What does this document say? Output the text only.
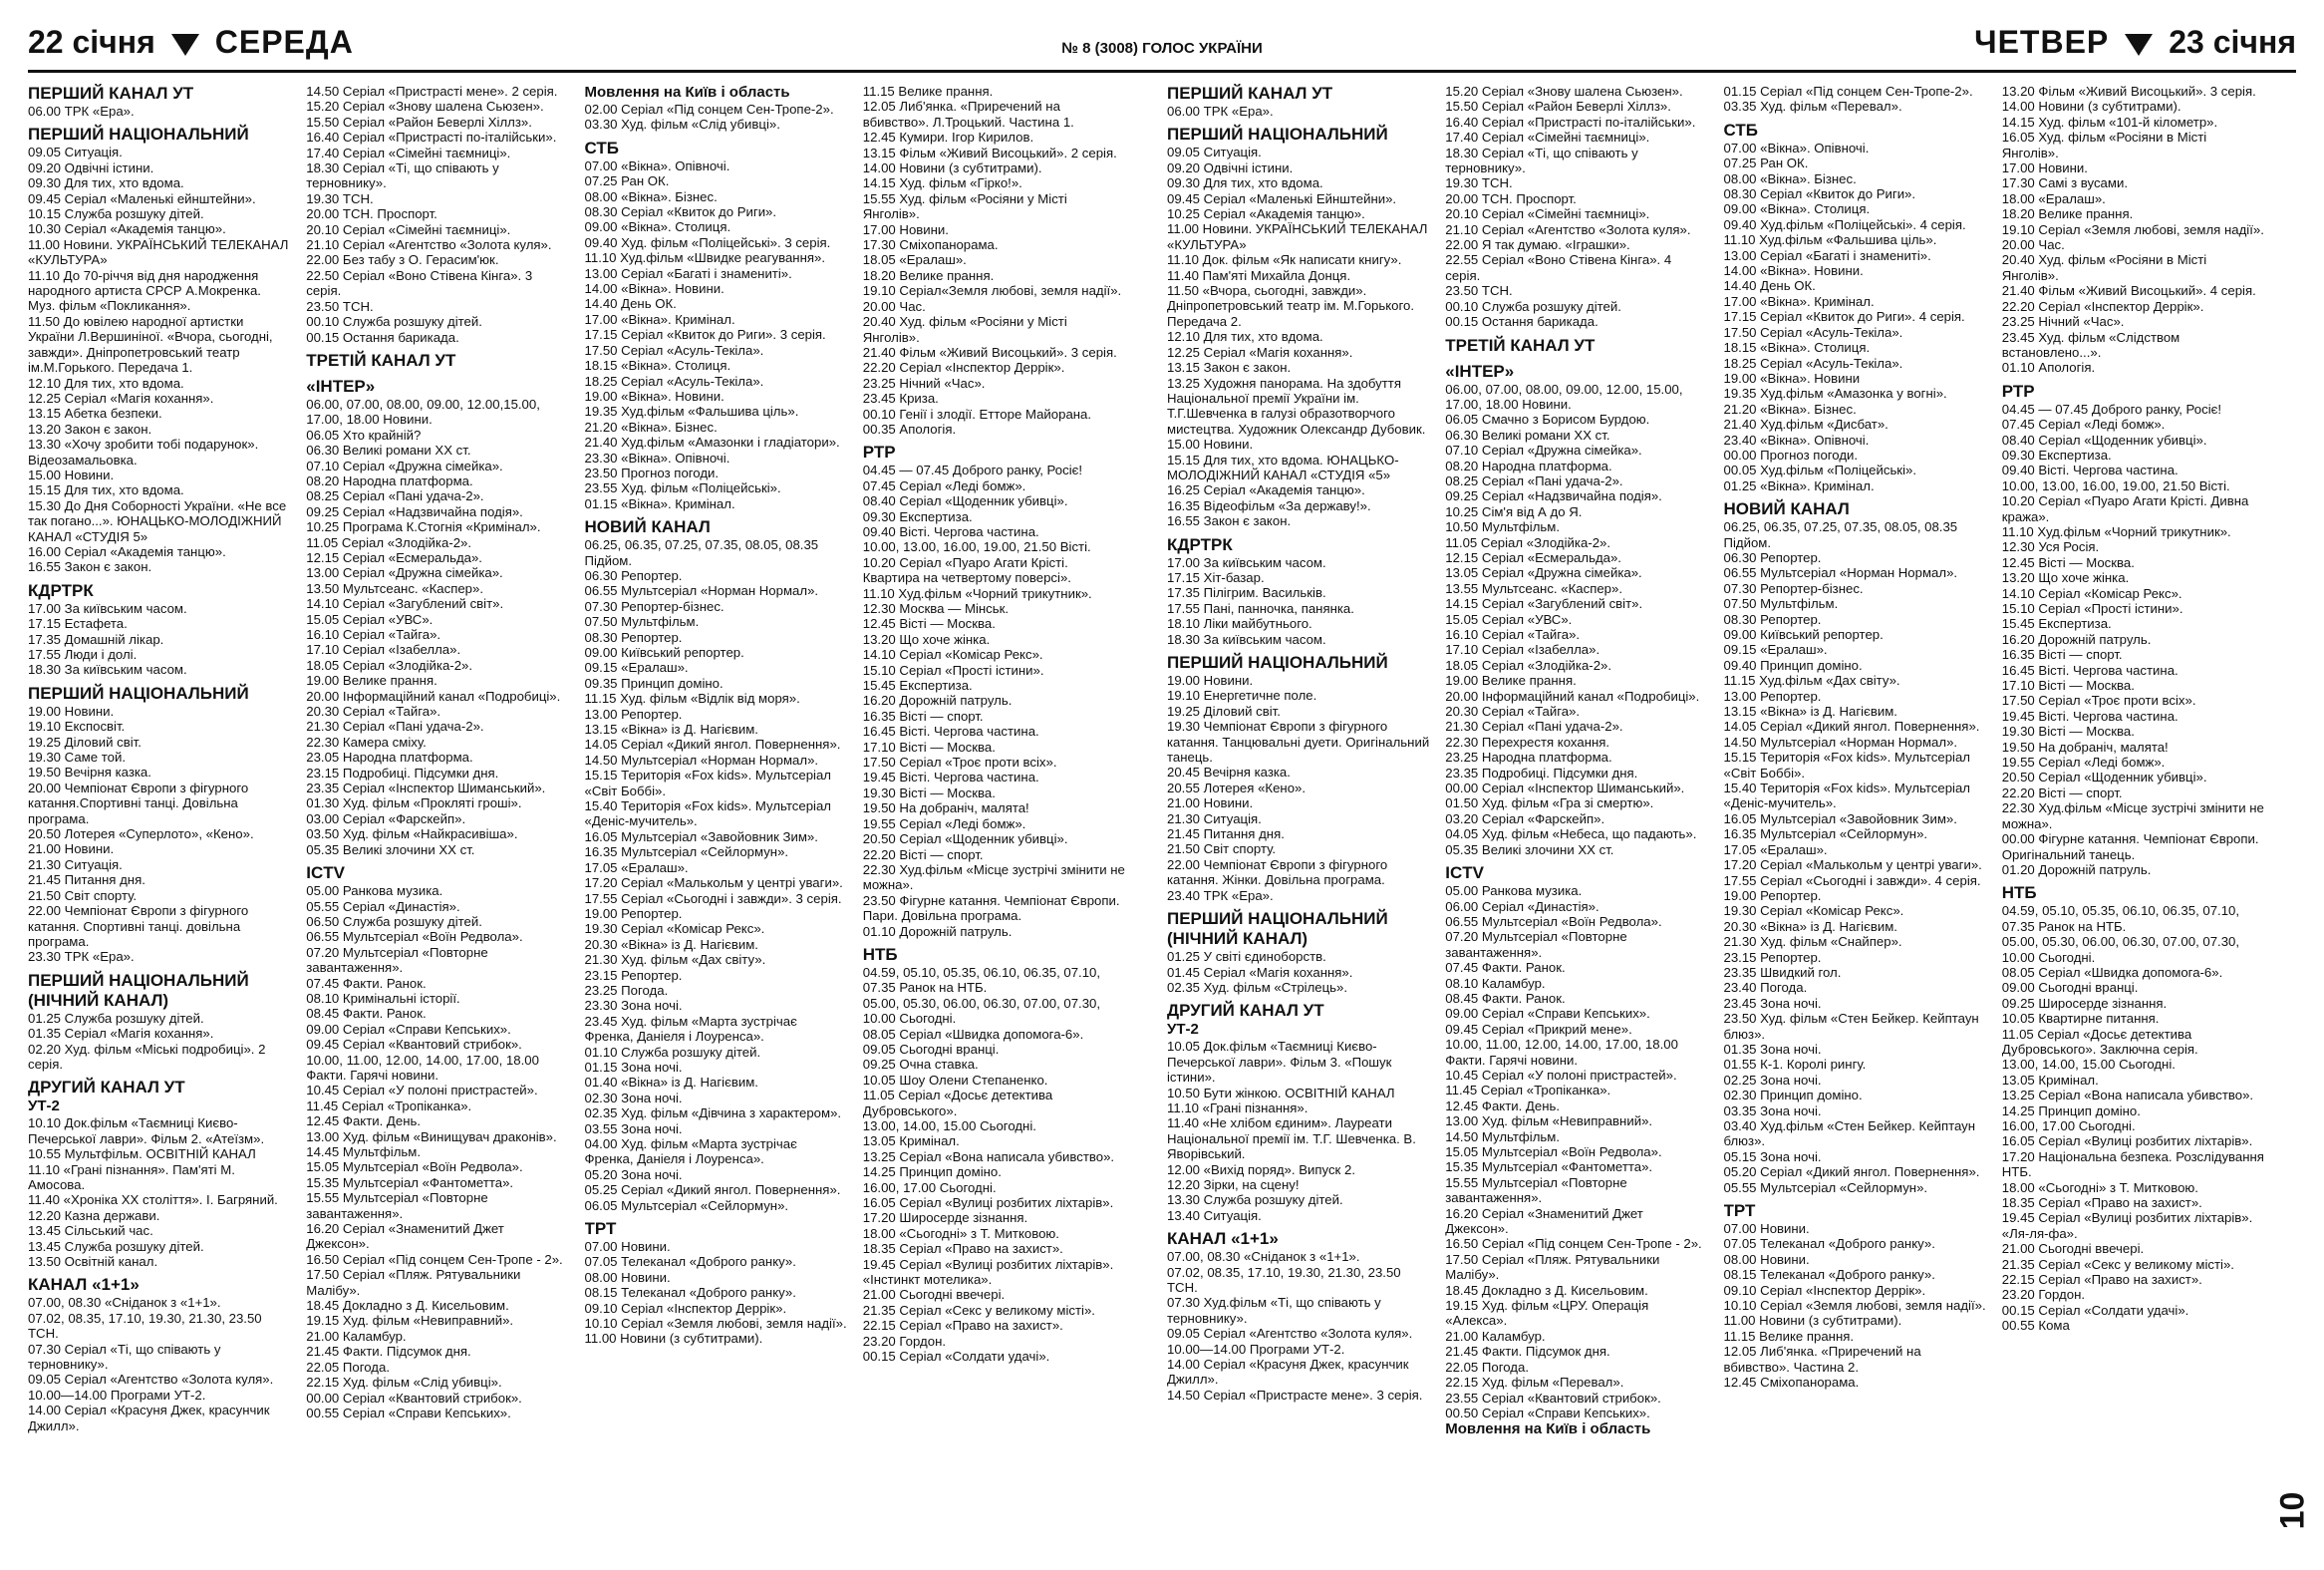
22 січня СЕРЕДА	№ 8 (3008) ГОЛОС УКРАЇНИ	ЧЕТВЕР 23 січня
ПЕРШИЙ КАНАЛ УТ
06.00 ТРК «Ера».
ПЕРШИЙ НАЦІОНАЛЬНИЙ
09.05 Ситуація.
09.20 Одвічні істини.
09.30 Для тих, хто вдома.
09.45 Серіал «Маленькі ейнштейни».
10.15 Служба розшуку дітей.
10.30 Серіал «Академія танцю».
11.00 Новини. УКРАЇНСЬКИЙ ТЕЛЕКАНАЛ «КУЛЬТУРА»
11.10 До 70-річчя від дня народження народного артиста СРСР А.Мокренка. Муз. фільм «Покликання».
11.50 До ювілею народної артистки України Л.Вершиніної. «Вчора, сьогодні, завжди». Дніпропетровський театр ім.М.Горького. Передача 1.
12.10 Для тих, хто вдома.
12.25 Серіал «Магія кохання».
13.15 Абетка безпеки.
13.20 Закон є закон.
13.30 «Хочу зробити тобі подарунок». Відеозамальовка.
15.00 Новини.
15.15 Для тих, хто вдома.
15.30 До Дня Соборності України. «Не все так погано...». ЮНАЦЬКО-МОЛОДІЖНИЙ КАНАЛ «СТУДІЯ 5»
16.00 Серіал «Академія танцю».
16.55 Закон є закон.
КДРТРК
17.00 За київським часом.
17.15 Естафета.
17.35 Домашній лікар.
17.55 Люди і долі.
18.30 За київським часом.
ПЕРШИЙ НАЦІОНАЛЬНИЙ
19.00 Новини.
19.10 Експосвіт.
19.25 Діловий світ.
19.30 Саме той.
19.50 Вечірня казка.
20.00 Чемпіонат Європи з фігурного катання.Спортивні танці. Довільна програма.
20.50 Лотерея «Суперлото», «Кено».
21.00 Новини.
21.30 Ситуація.
21.45 Питання дня.
21.50 Світ спорту.
22.00 Чемпіонат Європи з фігурного катання. Спортивні танці. довільна програма.
23.30 ТРК «Ера».
ПЕРШИЙ НАЦІОНАЛЬНИЙ (НІЧНИЙ КАНАЛ)
01.25 Служба розшуку дітей.
01.35 Серіал «Магія кохання».
02.20 Худ. фільм «Міські подробиці». 2 серія.
ДРУГИЙ КАНАЛ УТ
УТ-2
10.10 Док.фільм «Таємниці Києво-Печерської лаври». Фільм 2. «Атеїзм».
10.55 Мультфільм. ОСВІТНІЙ КАНАЛ
11.10 «Грані пізнання». Пам'яті М. Амосова.
11.40 «Хроніка XX століття». І. Багряний.
12.20 Казна держави.
13.45 Сільський час.
13.45 Служба розшуку дітей.
13.50 Освітній канал.
КАНАЛ «1+1»
07.00, 08.30 «Сніданок з «1+1».
07.02, 08.35, 17.10, 19.30, 21.30, 23.50 ТСН.
07.30 Серіал «Ті, що співають у терновнику».
09.05 Серіал «Агентство «Золота куля».
10.00—14.00 Програми УТ-2.
14.00 Серіал «Красуня Джек, красунчик Джилл».
14.50 Серіал «Пристрасті мене». 2 серія.
15.20 Серіал «Знову шалена Сьюзен».
15.50 Серіал «Район Беверлі Хіллз».
16.40 Серіал «Пристрасті по-італійськи».
17.40 Серіал «Сімейні таємниці».
18.30 Серіал «Ті, що співають у терновнику».
19.30 ТСН.
20.00 ТСН. Проспорт.
20.10 Серіал «Сімейні таємниці».
21.10 Серіал «Агентство «Золота куля».
22.00 Без табу з О. Герасим'юк.
22.50 Серіал «Воно Стівена Кінга». 3 серія.
23.50 ТСН.
00.10 Служба розшуку дітей.
00.15 Остання барикада.
ТРЕТІЙ КАНАЛ УТ
«ІНТЕР»
06.00, 07.00, 08.00, 09.00, 12.00,15.00, 17.00, 18.00 Новини.
06.05 Хто крайній?
06.30 Великі романи XX ст.
07.10 Серіал «Дружна сімейка».
08.20 Народна платформа.
08.25 Серіал «Пані удача-2».
09.25 Серіал «Надзвичайна подія».
10.25 Програма К.Стогнія «Кримінал».
11.05 Серіал «Злодійка-2».
12.15 Серіал «Есмеральда».
13.00 Серіал «Дружна сімейка».
13.50 Мультсеанс. «Каспер».
14.10 Серіал «Загублений світ».
15.05 Серіал «УВС».
16.10 Серіал «Тайга».
17.10 Серіал «Ізабелла».
18.05 Серіал «Злодійка-2».
19.00 Велике прання.
20.00 Інформаційний канал «Подробиці».
20.30 Серіал «Тайга».
21.30 Серіал «Пані удача-2».
22.30 Камера сміху.
23.05 Народна платформа.
23.15 Подробиці. Підсумки дня.
23.35 Серіал «Інспектор Шиманський».
01.30 Худ. фільм «Прокляті гроші».
03.00 Серіал «Фарскейп».
03.50 Худ. фільм «Найкрасивіша».
05.35 Великі злочини XX ст.
ICTV
05.00 Ранкова музика.
05.55 Серіал «Династія».
06.50 Служба розшуку дітей.
06.55 Мультсеріал «Воїн Редвола».
07.20 Мультсеріал «Повторне завантаження».
07.45 Факти. Ранок.
08.10 Кримінальні історії.
08.45 Факти. Ранок.
09.00 Серіал «Справи Кепських».
09.45 Серіал «Квантовий стрибок».
10.00, 11.00, 12.00, 14.00, 17.00, 18.00 Факти. Гарячі новини.
10.45 Серіал «У полоні пристрастей».
11.45 Серіал «Тропіканка».
12.45 Факти. День.
13.00 Худ. фільм «Винищувач драконів».
14.45 Мультфільм.
15.05 Мультсеріал «Воїн Редвола».
15.35 Мультсеріал «Фантометта».
15.55 Мультсеріал «Повторне завантаження».
16.20 Серіал «Знаменитий Джет Джексон».
16.50 Серіал «Під сонцем Сен-Тропе - 2».
17.50 Серіал «Пляж. Рятувальники Малібу».
18.45 Докладно з Д. Кисельовим.
19.15 Худ. фільм «Невиправний».
21.00 Каламбур.
21.45 Факти. Підсумок дня.
22.05 Погода.
22.15 Худ. фільм «Слід убивці».
00.00 Серіал «Квантовий стрибок».
00.55 Серіал «Справи Кепських».
Мовлення на Київ і область
02.00 Серіал «Під сонцем Сен-Тропе-2».
03.30 Худ. фільм «Слід убивці».
СТБ
07.00 «Вікна». Опівночі.
07.25 Ран ОК.
08.00 «Вікна». Бізнес.
08.30 Серіал «Квиток до Риги».
09.00 «Вікна». Столиця.
09.40 Худ. фільм «Поліцейські». 3 серія.
11.10 Худ.фільм «Швидке реагування».
13.00 Серіал «Багаті і знамениті».
14.00 «Вікна». Новини.
14.40 День ОК.
17.00 «Вікна». Кримінал.
17.15 Серіал «Квиток до Риги». 3 серія.
17.50 Серіал «Асуль-Текіла».
18.15 «Вікна». Столиця.
18.25 Серіал «Асуль-Текіла».
19.00 «Вікна». Новини.
19.35 Худ.фільм «Фальшива ціль».
21.20 «Вікна». Бізнес.
21.40 Худ.фільм «Амазонки і гладіатори».
23.30 «Вікна». Опівночі.
23.50 Прогноз погоди.
23.55 Худ. фільм «Поліцейські».
01.15 «Вікна». Кримінал.
НОВИЙ КАНАЛ
06.25, 06.35, 07.25, 07.35, 08.05, 08.35 Підйом.
06.30 Репортер.
06.55 Мультсеріал «Норман Нормал».
07.30 Репортер-бізнес.
07.50 Мультфільм.
08.30 Репортер.
09.00 Київський репортер.
09.15 «Ералаш».
09.35 Принцип доміно.
11.15 Худ. фільм «Відлік від моря».
13.00 Репортер.
13.15 «Вікна» із Д. Нагієвим.
14.05 Серіал «Дикий янгол. Повернення».
14.50 Мультсеріал «Норман Нормал».
15.15 Територія «Fox kids». Мультсеріал «Світ Боббі».
15.40 Територія «Fox kids». Мультсеріал «Деніс-мучитель».
16.05 Мультсеріал «Завойовник Зим».
16.35 Мультсеріал «Сейлормун».
17.05 «Ералаш».
17.20 Серіал «Малькольм у центрі уваги».
17.55 Серіал «Сьогодні і завжди». 3 серія.
19.00 Репортер.
19.30 Серіал «Комісар Рекс».
20.30 «Вікна» із Д. Нагієвим.
21.30 Худ. фільм «Дах світу».
23.15 Репортер.
23.25 Погода.
23.30 Зона ночі.
23.45 Худ. фільм «Марта зустрічає Френка, Даніеля і Лоуренса».
01.10 Служба розшуку дітей.
01.15 Зона ночі.
01.40 «Вікна» із Д. Нагієвим.
02.30 Зона ночі.
02.35 Худ. фільм «Дівчина з характером».
03.55 Зона ночі.
04.00 Худ. фільм «Марта зустрічає Френка, Даніеля і Лоуренса».
05.20 Зона ночі.
05.25 Серіал «Дикий янгол. Повернення».
06.05 Мультсеріал «Сейлормун».
ТРТ
07.00 Новини.
07.05 Телеканал «Доброго ранку».
08.00 Новини.
08.15 Телеканал «Доброго ранку».
09.10 Серіал «Інспектор Деррік».
10.10 Серіал «Земля любові, земля надії».
11.00 Новини (з субтитрами).
11.15 Велике прання.
12.05 Либ'янка. «Приречений на вбивство». Л.Троцький. Частина 1.
12.45 Кумири. Ігор Кирилов.
13.15 Фільм «Живий Висоцький». 2 серія.
14.00 Новини (з субтитрами).
14.15 Худ. фільм «Гірко!».
15.55 Худ. фільм «Росіяни у Місті Янголів».
17.00 Новини.
17.30 Сміхопанорама.
18.05 «Ералаш».
18.20 Велике прання.
19.10 Серіал«Земля любові, земля надії».
20.00 Час.
20.40 Худ. фільм «Росіяни у Місті Янголів».
21.40 Фільм «Живий Висоцький». 3 серія.
22.20 Серіал «Інспектор Деррік».
23.25 Нічний «Час».
23.45 Криза.
00.10 Генії і злодії. Етторе Майорана.
00.35 Апологія.
РТР
04.45 — 07.45 Доброго ранку, Росіє!
07.45 Серіал «Леді бомж».
08.40 Серіал «Щоденник убивці».
09.30 Експертиза.
09.40 Вісті. Чергова частина.
10.00, 13.00, 16.00, 19.00, 21.50 Вісті.
10.20 Серіал «Пуаро Агати Крісті. Квартира на четвертому поверсі».
11.10 Худ.фільм «Чорний трикутник».
12.30 Москва — Мінськ.
12.45 Вісті — Москва.
13.20 Що хоче жінка.
14.10 Серіал «Комісар Рекс».
15.10 Серіал «Прості істини».
15.45 Експертиза.
16.20 Дорожній патруль.
16.35 Вісті — спорт.
16.45 Вісті. Чергова частина.
17.10 Вісті — Москва.
17.50 Серіал «Троє проти всіх».
19.45 Вісті. Чергова частина.
19.30 Вісті — Москва.
19.50 На добраніч, малята!
19.55 Серіал «Леді бомж».
20.50 Серіал «Щоденник убивці».
22.20 Вісті — спорт.
22.30 Худ.фільм «Місце зустрічі змінити не можна».
23.50 Фігурне катання. Чемпіонат Європи. Пари. Довільна програма.
01.10 Дорожній патруль.
НТБ
04.59, 05.10, 05.35, 06.10, 06.35, 07.10, 07.35 Ранок на НТБ.
05.00, 05.30, 06.00, 06.30, 07.00, 07.30, 10.00 Сьогодні.
08.05 Серіал «Швидка допомога-6».
09.05 Сьогодні вранці.
09.25 Очна ставка.
10.05 Шоу Олени Степаненко.
11.05 Серіал «Досьє детектива Дубровського».
13.00, 14.00, 15.00 Сьогодні.
13.05 Кримінал.
13.25 Серіал «Вона написала убивство».
14.25 Принцип доміно.
16.00, 17.00 Сьогодні.
16.05 Серіал «Вулиці розбитих ліхтарів».
17.20 Широсерде зізнання.
18.00 «Сьогодні» з Т. Митковою.
18.35 Серіал «Право на захист».
19.45 Серіал «Вулиці розбитих ліхтарів». «Інстинкт мотелика».
21.00 Сьогодні ввечері.
21.35 Серіал «Секс у великому місті».
22.15 Серіал «Право на захист».
23.20 Гордон.
00.15 Серіал «Солдати удачі».
ПЕРШИЙ КАНАЛ УТ
06.00 ТРК «Ера».
ПЕРШИЙ НАЦІОНАЛЬНИЙ
09.05 Ситуація.
09.20 Одвічні істини.
09.30 Для тих, хто вдома.
09.45 Серіал «Маленькі Ейнштейни».
10.25 Серіал «Академія танцю».
11.00 Новини. УКРАЇНСЬКИЙ ТЕЛЕКАНАЛ «КУЛЬТУРА»
11.10 Док. фільм «Як написати книгу».
11.40 Пам'яті Михайла Донця.
11.50 «Вчора, сьогодні, завжди». Дніпропетровський театр ім. М.Горького. Передача 2.
12.10 Для тих, хто вдома.
12.25 Серіал «Магія кохання».
13.15 Закон є закон.
13.25 Художня панорама. На здобуття Національної премії України ім. Т.Г.Шевченка в галузі образотворчого мистецтва. Художник Олександр Дубовик.
15.00 Новини.
15.15 Для тих, хто вдома. ЮНАЦЬКО-МОЛОДІЖНИЙ КАНАЛ «СТУДІЯ «5»
16.25 Серіал «Академія танцю».
16.35 Відеофільм «За державу!».
16.55 Закон є закон.
КДРТРК
17.00 За київським часом.
17.15 Хіт-базар.
17.35 Пілігрим. Васильків.
17.55 Пані, панночка, панянка.
18.10 Ліки майбутнього.
18.30 За київським часом.
ПЕРШИЙ НАЦІОНАЛЬНИЙ
19.00 Новини.
19.10 Енергетичне поле.
19.25 Діловий світ.
19.30 Чемпіонат Європи з фігурного катання. Танцювальні дуети. Оригінальний танець.
20.45 Вечірня казка.
20.55 Лотерея «Кено».
21.00 Новини.
21.30 Ситуація.
21.45 Питання дня.
21.50 Світ спорту.
22.00 Чемпіонат Європи з фігурного катання. Жінки. Довільна програма.
23.40 ТРК «Ера».
ПЕРШИЙ НАЦІОНАЛЬНИЙ (НІЧНИЙ КАНАЛ)
01.25 У світі єдиноборств.
01.45 Серіал «Магія кохання».
02.35 Худ. фільм «Стрілець».
ДРУГИЙ КАНАЛ УТ
УТ-2
10.05 Док.фільм «Таємниці Києво-Печерської лаври». Фільм 3. «Пошук істини».
10.50 Бути жінкою. ОСВІТНІЙ КАНАЛ
11.10 «Грані пізнання».
11.40 «Не хлібом єдиним». Лауреати Національної премії ім. Т.Г. Шевченка. В. Яворівський.
12.00 «Вихід поряд». Випуск 2.
12.20 Зірки, на сцену!
13.30 Служба розшуку дітей.
13.40 Ситуація.
КАНАЛ «1+1»
07.00, 08.30 «Сніданок з «1+1».
07.02, 08.35, 17.10, 19.30, 21.30, 23.50 ТСН.
07.30 Худ.фільм «Ті, що співають у терновнику».
09.05 Серіал «Агентство «Золота куля».
10.00—14.00 Програми УТ-2.
14.00 Серіал «Красуня Джек, красунчик Джилл».
14.50 Серіал «Пристрасте мене». 3 серія.
15.20 Серіал «Знову шалена Сьюзен».
15.50 Серіал «Район Беверлі Хіллз».
16.40 Серіал «Пристрасті по-італійськи».
17.40 Серіал «Сімейні таємниці».
18.30 Серіал «Ті, що співають у терновнику».
19.30 ТСН.
20.00 ТСН. Проспорт.
20.10 Серіал «Сімейні таємниці».
21.10 Серіал «Агентство «Золота куля».
22.00 Я так думаю. «Іграшки».
22.55 Серіал «Воно Стівена Кінга». 4 серія.
23.50 ТСН.
00.10 Служба розшуку дітей.
00.15 Остання барикада.
ТРЕТІЙ КАНАЛ УТ
«ІНТЕР»
06.00, 07.00, 08.00, 09.00, 12.00, 15.00, 17.00, 18.00 Новини.
06.05 Смачно з Борисом Бурдою.
06.30 Великі романи XX ст.
07.10 Серіал «Дружна сімейка».
08.20 Народна платформа.
08.25 Серіал «Пані удача-2».
09.25 Серіал «Надзвичайна подія».
10.25 Сім'я від А до Я.
10.50 Мультфільм.
11.05 Серіал «Злодійка-2».
12.15 Серіал «Есмеральда».
13.05 Серіал «Дружна сімейка».
13.55 Мультсеанс. «Каспер».
14.15 Серіал «Загублений світ».
15.05 Серіал «УВС».
16.10 Серіал «Тайга».
17.10 Серіал «Ізабелла».
18.05 Серіал «Злодійка-2».
19.00 Велике прання.
20.00 Інформаційний канал «Подробиці».
20.30 Серіал «Тайга».
21.30 Серіал «Пані удача-2».
22.30 Перехрестя кохання.
23.25 Народна платформа.
23.35 Подробиці. Підсумки дня.
00.00 Серіал «Інспектор Шиманський».
01.50 Худ. фільм «Гра зі смертю».
03.20 Серіал «Фарскейп».
04.05 Худ. фільм «Небеса, що падають».
05.35 Великі злочини XX ст.
ICTV
05.00 Ранкова музика.
06.00 Серіал «Династія».
06.55 Мультсеріал «Воїн Редвола».
07.20 Мультсеріал «Повторне завантаження».
07.45 Факти. Ранок.
08.10 Каламбур.
08.45 Факти. Ранок.
09.00 Серіал «Справи Кепських».
09.45 Серіал «Прикрий мене».
10.00, 11.00, 12.00, 14.00, 17.00, 18.00 Факти. Гарячі новини.
10.45 Серіал «У полоні пристрастей».
11.45 Серіал «Тропіканка».
12.45 Факти. День.
13.00 Худ. фільм «Невиправний».
14.50 Мультфільм.
15.05 Мультсеріал «Воїн Редвола».
15.35 Мультсеріал «Фантометта».
15.55 Мультсеріал «Повторне завантаження».
16.20 Серіал «Знаменитий Джет Джексон».
16.50 Серіал «Під сонцем Сен-Тропе - 2».
17.50 Серіал «Пляж. Рятувальники Малібу».
18.45 Докладно з Д. Кисельовим.
19.15 Худ. фільм «ЦРУ. Операція «Алекса».
21.00 Каламбур.
21.45 Факти. Підсумок дня.
22.05 Погода.
22.15 Худ. фільм «Перевал».
23.55 Серіал «Квантовий стрибок».
00.50 Серіал «Справи Кепських».
Мовлення на Київ і область
01.15 Серіал «Під сонцем Сен-Тропе-2».
03.35 Худ. фільм «Перевал».
СТБ
07.00 «Вікна». Опівночі.
07.25 Ран ОК.
08.00 «Вікна». Бізнес.
08.30 Серіал «Квиток до Риги».
09.00 «Вікна». Столиця.
09.40 Худ.фільм «Поліцейські». 4 серія.
11.10 Худ.фільм «Фальшива ціль».
13.00 Серіал «Багаті і знамениті».
14.00 «Вікна». Новини.
14.40 День ОК.
17.00 «Вікна». Кримінал.
17.15 Серіал «Квиток до Риги». 4 серія.
17.50 Серіал «Асуль-Текіла».
18.15 «Вікна». Столиця.
18.25 Серіал «Асуль-Текіла».
19.00 «Вікна». Новини
19.35 Худ.фільм «Амазонка у вогні».
21.20 «Вікна». Бізнес.
21.40 Худ.фільм «Дисбат».
23.40 «Вікна». Опівночі.
00.00 Прогноз погоди.
00.05 Худ.фільм «Поліцейські».
01.25 «Вікна». Кримінал.
НОВИЙ КАНАЛ
06.25, 06.35, 07.25, 07.35, 08.05, 08.35 Підйом.
06.30 Репортер.
06.55 Мультсеріал «Норман Нормал».
07.30 Репортер-бізнес.
07.50 Мультфільм.
08.30 Репортер.
09.00 Київський репортер.
09.15 «Ералаш».
09.40 Принцип доміно.
11.15 Худ.фільм «Дах світу».
13.00 Репортер.
13.15 «Вікна» із Д. Нагієвим.
14.05 Серіал «Дикий янгол. Повернення».
14.50 Мультсеріал «Норман Нормал».
15.15 Територія «Fox kids». Мультсеріал «Світ Боббі».
15.40 Територія «Fox kids». Мультсеріал «Деніс-мучитель».
16.05 Мультсеріал «Завойовник Зим».
16.35 Мультсеріал «Сейлормун».
17.05 «Ералаш».
17.20 Серіал «Малькольм у центрі уваги».
17.55 Серіал «Сьогодні і завжди». 4 серія.
19.00 Репортер.
19.30 Серіал «Комісар Рекс».
20.30 «Вікна» із Д. Нагієвим.
21.30 Худ. фільм «Снайпер».
23.15 Репортер.
23.35 Швидкий гол.
23.40 Погода.
23.45 Зона ночі.
23.50 Худ. фільм «Стен Бейкер. Кейптаун блюз».
01.35 Зона ночі.
01.55 К-1. Королі рингу.
02.25 Зона ночі.
02.30 Принцип доміно.
03.35 Зона ночі.
03.40 Худ.фільм «Стен Бейкер. Кейптаун блюз».
05.15 Зона ночі.
05.20 Серіал «Дикий янгол. Повернення».
05.55 Мультсеріал «Сейлормун».
ТРТ
07.00 Новини.
07.05 Телеканал «Доброго ранку».
08.00 Новини.
08.15 Телеканал «Доброго ранку».
09.10 Серіал «Інспектор Деррік».
10.10 Серіал «Земля любові, земля надії».
11.00 Новини (з субтитрами).
11.15 Велике прання.
12.05 Либ'янка. «Приречений на вбивство». Частина 2.
12.45 Сміхопанорама.
13.20 Фільм «Живий Висоцький». 3 серія.
14.00 Новини (з субтитрами).
14.15 Худ. фільм «101-й кілометр».
16.05 Худ. фільм «Росіяни в Місті Янголів».
17.00 Новини.
17.30 Самі з вусами.
18.00 «Ералаш».
18.20 Велике прання.
19.10 Серіал «Земля любові, земля надії».
20.00 Час.
20.40 Худ. фільм «Росіяни в Місті Янголів».
21.40 Фільм «Живий Висоцький». 4 серія.
22.20 Серіал «Інспектор Деррік».
23.25 Нічний «Час».
23.45 Худ. фільм «Слідством встановлено...».
01.10 Апологія.
РТР
04.45 — 07.45 Доброго ранку, Росіє!
07.45 Серіал «Леді бомж».
08.40 Серіал «Щоденник убивці».
09.30 Експертиза.
09.40 Вісті. Чергова частина.
10.00, 13.00, 16.00, 19.00, 21.50 Вісті.
10.20 Серіал «Пуаро Агати Крісті. Дивна кража».
11.10 Худ.фільм «Чорний трикутник».
12.30 Уся Росія.
12.45 Вісті — Москва.
13.20 Що хоче жінка.
14.10 Серіал «Комісар Рекс».
15.10 Серіал «Прості істини».
15.45 Експертиза.
16.20 Дорожній патруль.
16.35 Вісті — спорт.
16.45 Вісті. Чергова частина.
17.10 Вісті — Москва.
17.50 Серіал «Троє проти всіх».
19.45 Вісті. Чергова частина.
19.30 Вісті — Москва.
19.50 На добраніч, малята!
19.55 Серіал «Леді бомж».
20.50 Серіал «Щоденник убивці».
22.20 Вісті — спорт.
22.30 Худ.фільм «Місце зустрічі змінити не можна».
00.00 Фігурне катання. Чемпіонат Європи. Оригінальний танець.
01.20 Дорожній патруль.
НТБ
04.59, 05.10, 05.35, 06.10, 06.35, 07.10, 07.35 Ранок на НТБ.
05.00, 05.30, 06.00, 06.30, 07.00, 07.30, 10.00 Сьогодні.
08.05 Серіал «Швидка допомога-6».
09.00 Сьогодні вранці.
09.25 Широсерде зізнання.
10.05 Квартирне питання.
11.05 Серіал «Досьє детектива Дубровського». Заключна серія.
13.00, 14.00, 15.00 Сьогодні.
13.05 Кримінал.
13.25 Серіал «Вона написала убивство».
14.25 Принцип доміно.
16.00, 17.00 Сьогодні.
16.05 Серіал «Вулиці розбитих ліхтарів».
17.20 Національна безпека. Розслідування НТБ.
18.00 «Сьогодні» з Т. Митковою.
18.35 Серіал «Право на захист».
19.45 Серіал «Вулиці розбитих ліхтарів». «Ля-ля-фа».
21.00 Сьогодні ввечері.
21.35 Серіал «Секс у великому місті».
22.15 Серіал «Право на захист».
23.20 Гордон.
00.15 Серіал «Солдати удачі».
00.55 Кома
10
